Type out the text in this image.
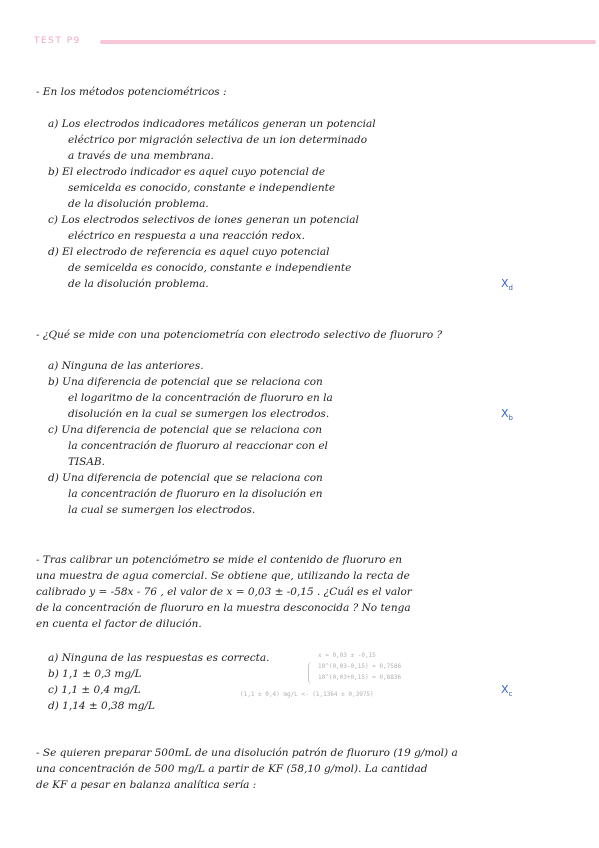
TEST P9
- En los métodos potenciométricos :
a) Los electrodos indicadores metálicos generan un potencial
eléctrico por migración selectiva de un ion determinado
a través de una membrana.
b) El electrodo indicador es aquel cuyo potencial de
semicelda es conocido, constante e independiente
de la disolución problema.
c) Los electrodos selectivos de iones generan un potencial
eléctrico en respuesta a una reacción redox.
d) El electrodo de referencia es aquel cuyo potencial
de semicelda es conocido, constante e independiente
de la disolución problema.	$X_d$
- ¿Qué se mide con una potenciometría con electrodo selectivo de fluoruro ?
a) Ninguna de las anteriores.
b) Una diferencia de potencial que se relaciona con
el logaritmo de la concentración de fluoruro en la
disolución en la cual se sumergen los electrodos.
c) Una diferencia de potencial que se relaciona con
la concentración de fluoruro al reaccionar con el
TISAB.
d) Una diferencia de potencial que se relaciona con
la concentración de fluoruro en la disolución en
la cual se sumergen los electrodos.
$X_b$
- Tras calibrar un potenciómetro se mide el contenido de fluoruro en
una muestra de agua comercial. Se obtiene que, utilizando la recta de
calibrado y = -58x - 76 , el valor de x = 0,03 ± -0,15 . ¿Cuál es el valor
de la concentración de fluoruro en la muestra desconocida ? No tenga
en cuenta el factor de dilución.
a) Ninguna de las respuestas es correcta.
b) 1,1 ± 0,3 mg/L
c) 1,1 ± 0,4 mg/L
d) 1,14 ± 0,38 mg/L
x = 0,03 ± -0,15
10^(0,03-0,15) = 0,7586
10^(0,03+0,15) = 0,8836
(1,1 ± 0,4) mg/L <- (1,1364 ± 0,3975)	$X_c$
- Se quieren preparar 500mL de una disolución patrón de fluoruro (19 g/mol) a
una concentración de 500 mg/L a partir de KF (58,10 g/mol). La cantidad
de KF a pesar en balanza analítica sería :
